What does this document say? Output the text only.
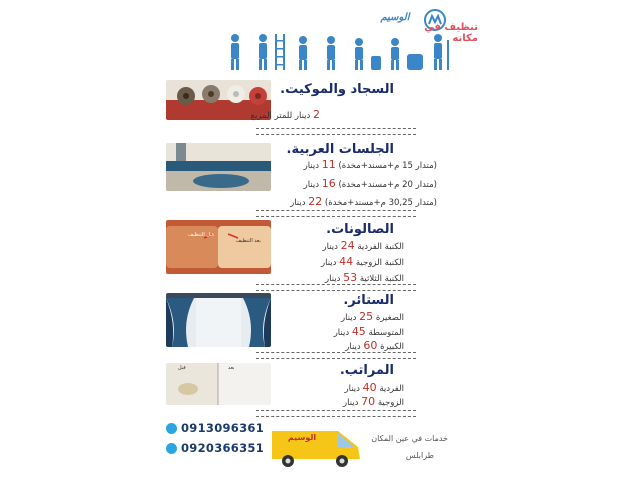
الوسيم
تنظيف في مكانه
السجاد والموكيت.
2 دينار للمتر المربع
الجلسات العربية.
(متدار 15 م+مسند+مخدة) 11 دينار
(متدار 20 م+مسند+مخدة) 16 دينار
(متدار 30,25 م+مسند+مخدة) 22 دينار
قبل التنظيف
بعد التنظيف
الصالونات.
الكنبة الفردية 24 دينار
الكنبة الزوجية 44 دينار
الكنبة الثلاثية 53 دينار
الستائر.
الصغيرة 25 دينار
المتوسطة 45 دينار
الكبيرة 60 دينار
قبل	بعد	المراتب.
الفردية 40 دينار
الزوجية 70 دينار
0913096361
0920366351
الوسيم	خدمات في عين المكان
طرابلس
